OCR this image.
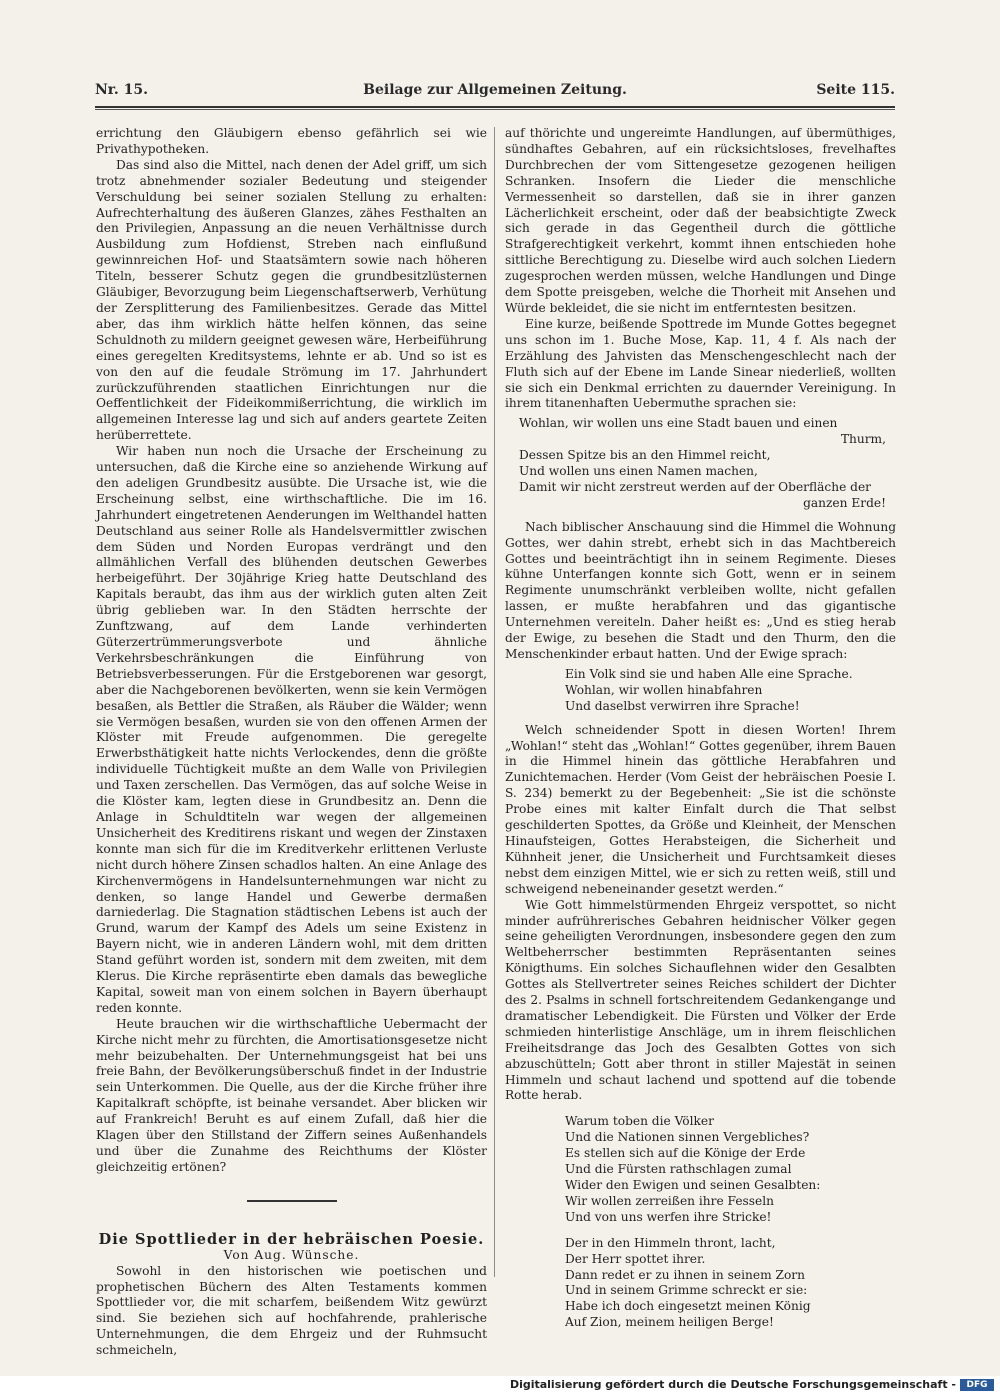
Nr. 15.	Beilage zur Allgemeinen Zeitung.	Seite 115.

errichtung den Gläubigern ebenso gefährlich sei wie Privathypotheken.

Das sind also die Mittel, nach denen der Adel griff, um sich trotz abnehmender sozialer Bedeutung und steigender Verschuldung bei seiner sozialen Stellung zu erhalten: Aufrechterhaltung des äußeren Glanzes, zähes Festhalten an den Privilegien, Anpassung an die neuen Verhältnisse durch Ausbildung zum Hofdienst, Streben nach einflußund gewinnreichen Hof- und Staatsämtern sowie nach höheren Titeln, besserer Schutz gegen die grundbesitzlüsternen Gläubiger, Bevorzugung beim Liegenschaftserwerb, Verhütung der Zersplitterung des Familienbesitzes. Gerade das Mittel aber, das ihm wirklich hätte helfen können, das seine Schuldnoth zu mildern geeignet gewesen wäre, Herbeiführung eines geregelten Kreditsystems, lehnte er ab. Und so ist es von den auf die feudale Strömung im 17. Jahrhundert zurückzuführenden staatlichen Einrichtungen nur die Oeffentlichkeit der Fideikommißerrichtung, die wirklich im allgemeinen Interesse lag und sich auf anders geartete Zeiten herüberrettete.

Wir haben nun noch die Ursache der Erscheinung zu untersuchen, daß die Kirche eine so anziehende Wirkung auf den adeligen Grundbesitz ausübte. Die Ursache ist, wie die Erscheinung selbst, eine wirthschaftliche. Die im 16. Jahrhundert eingetretenen Aenderungen im Welthandel hatten Deutschland aus seiner Rolle als Handelsvermittler zwischen dem Süden und Norden Europas verdrängt und den allmählichen Verfall des blühenden deutschen Gewerbes herbeigeführt. Der 30jährige Krieg hatte Deutschland des Kapitals beraubt, das ihm aus der wirklich guten alten Zeit übrig geblieben war. In den Städten herrschte der Zunftzwang, auf dem Lande verhinderten Güterzertrümmerungsverbote und ähnliche Verkehrsbeschränkungen die Einführung von Betriebsverbesserungen. Für die Erstgeborenen war gesorgt, aber die Nachgeborenen bevölkerten, wenn sie kein Vermögen besaßen, als Bettler die Straßen, als Räuber die Wälder; wenn sie Vermögen besaßen, wurden sie von den offenen Armen der Klöster mit Freude aufgenommen. Die geregelte Erwerbsthätigkeit hatte nichts Verlockendes, denn die größte individuelle Tüchtigkeit mußte an dem Walle von Privilegien und Taxen zerschellen. Das Vermögen, das auf solche Weise in die Klöster kam, legten diese in Grundbesitz an. Denn die Anlage in Schuldtiteln war wegen der allgemeinen Unsicherheit des Kreditirens riskant und wegen der Zinstaxen konnte man sich für die im Kreditverkehr erlittenen Verluste nicht durch höhere Zinsen schadlos halten. An eine Anlage des Kirchenvermögens in Handelsunternehmungen war nicht zu denken, so lange Handel und Gewerbe dermaßen darniederlag. Die Stagnation städtischen Lebens ist auch der Grund, warum der Kampf des Adels um seine Existenz in Bayern nicht, wie in anderen Ländern wohl, mit dem dritten Stand geführt worden ist, sondern mit dem zweiten, mit dem Klerus. Die Kirche repräsentirte eben damals das bewegliche Kapital, soweit man von einem solchen in Bayern überhaupt reden konnte.

Heute brauchen wir die wirthschaftliche Uebermacht der Kirche nicht mehr zu fürchten, die Amortisationsgesetze nicht mehr beizubehalten. Der Unternehmungsgeist hat bei uns freie Bahn, der Bevölkerungsüberschuß findet in der Industrie sein Unterkommen. Die Quelle, aus der die Kirche früher ihre Kapitalkraft schöpfte, ist beinahe versandet. Aber blicken wir auf Frankreich! Beruht es auf einem Zufall, daß hier die Klagen über den Stillstand der Ziffern seines Außenhandels und über die Zunahme des Reichthums der Klöster gleichzeitig ertönen?

Die Spottlieder in der hebräischen Poesie.

Von Aug. Wünsche.

Sowohl in den historischen wie poetischen und prophetischen Büchern des Alten Testaments kommen Spottlieder vor, die mit scharfem, beißendem Witz gewürzt sind. Sie beziehen sich auf hochfahrende, prahlerische Unternehmungen, die dem Ehrgeiz und der Ruhmsucht schmeicheln,

auf thörichte und ungereimte Handlungen, auf übermüthiges, sündhaftes Gebahren, auf ein rücksichtsloses, frevelhaftes Durchbrechen der vom Sittengesetze gezogenen heiligen Schranken. Insofern die Lieder die menschliche Vermessenheit so darstellen, daß sie in ihrer ganzen Lächerlichkeit erscheint, oder daß der beabsichtigte Zweck sich gerade in das Gegentheil durch die göttliche Strafgerechtigkeit verkehrt, kommt ihnen entschieden hohe sittliche Berechtigung zu. Dieselbe wird auch solchen Liedern zugesprochen werden müssen, welche Handlungen und Dinge dem Spotte preisgeben, welche die Thorheit mit Ansehen und Würde bekleidet, die sie nicht im entferntesten besitzen.

Eine kurze, beißende Spottrede im Munde Gottes begegnet uns schon im 1. Buche Mose, Kap. 11, 4 f. Als nach der Erzählung des Jahvisten das Menschengeschlecht nach der Fluth sich auf der Ebene im Lande Sinear niederließ, wollten sie sich ein Denkmal errichten zu dauernder Vereinigung. In ihrem titanenhaften Uebermuthe sprachen sie:

Wohlan, wir wollen uns eine Stadt bauen und einen
Thurm,
Dessen Spitze bis an den Himmel reicht,
Und wollen uns einen Namen machen,
Damit wir nicht zerstreut werden auf der Oberfläche der
ganzen Erde!

Nach biblischer Anschauung sind die Himmel die Wohnung Gottes, wer dahin strebt, erhebt sich in das Machtbereich Gottes und beeinträchtigt ihn in seinem Regimente. Dieses kühne Unterfangen konnte sich Gott, wenn er in seinem Regimente unumschränkt verbleiben wollte, nicht gefallen lassen, er mußte herabfahren und das gigantische Unternehmen vereiteln. Daher heißt es: „Und es stieg herab der Ewige, zu besehen die Stadt und den Thurm, den die Menschenkinder erbaut hatten. Und der Ewige sprach:

Ein Volk sind sie und haben Alle eine Sprache.
Wohlan, wir wollen hinabfahren
Und daselbst verwirren ihre Sprache!

Welch schneidender Spott in diesen Worten! Ihrem „Wohlan!“ steht das „Wohlan!“ Gottes gegenüber, ihrem Bauen in die Himmel hinein das göttliche Herabfahren und Zunichtemachen. Herder (Vom Geist der hebräischen Poesie I. S. 234) bemerkt zu der Begebenheit: „Sie ist die schönste Probe eines mit kalter Einfalt durch die That selbst geschilderten Spottes, da Größe und Kleinheit, der Menschen Hinaufsteigen, Gottes Herabsteigen, die Sicherheit und Kühnheit jener, die Unsicherheit und Furchtsamkeit dieses nebst dem einzigen Mittel, wie er sich zu retten weiß, still und schweigend nebeneinander gesetzt werden.“

Wie Gott himmelstürmenden Ehrgeiz verspottet, so nicht minder aufrührerisches Gebahren heidnischer Völker gegen seine geheiligten Verordnungen, insbesondere gegen den zum Weltbeherrscher bestimmten Repräsentanten seines Königthums. Ein solches Sichauflehnen wider den Gesalbten Gottes als Stellvertreter seines Reiches schildert der Dichter des 2. Psalms in schnell fortschreitendem Gedankengange und dramatischer Lebendigkeit. Die Fürsten und Völker der Erde schmieden hinterlistige Anschläge, um in ihrem fleischlichen Freiheitsdrange das Joch des Gesalbten Gottes von sich abzuschütteln; Gott aber thront in stiller Majestät in seinen Himmeln und schaut lachend und spottend auf die tobende Rotte herab.

Warum toben die Völker
Und die Nationen sinnen Vergebliches?
Es stellen sich auf die Könige der Erde
Und die Fürsten rathschlagen zumal
Wider den Ewigen und seinen Gesalbten:
Wir wollen zerreißen ihre Fesseln
Und von uns werfen ihre Stricke!
Der in den Himmeln thront, lacht,
Der Herr spottet ihrer.
Dann redet er zu ihnen in seinem Zorn
Und in seinem Grimme schreckt er sie:
Habe ich doch eingesetzt meinen König
Auf Zion, meinem heiligen Berge!
Digitalisierung gefördert durch die Deutsche Forschungsgemeinschaft -	DFG
